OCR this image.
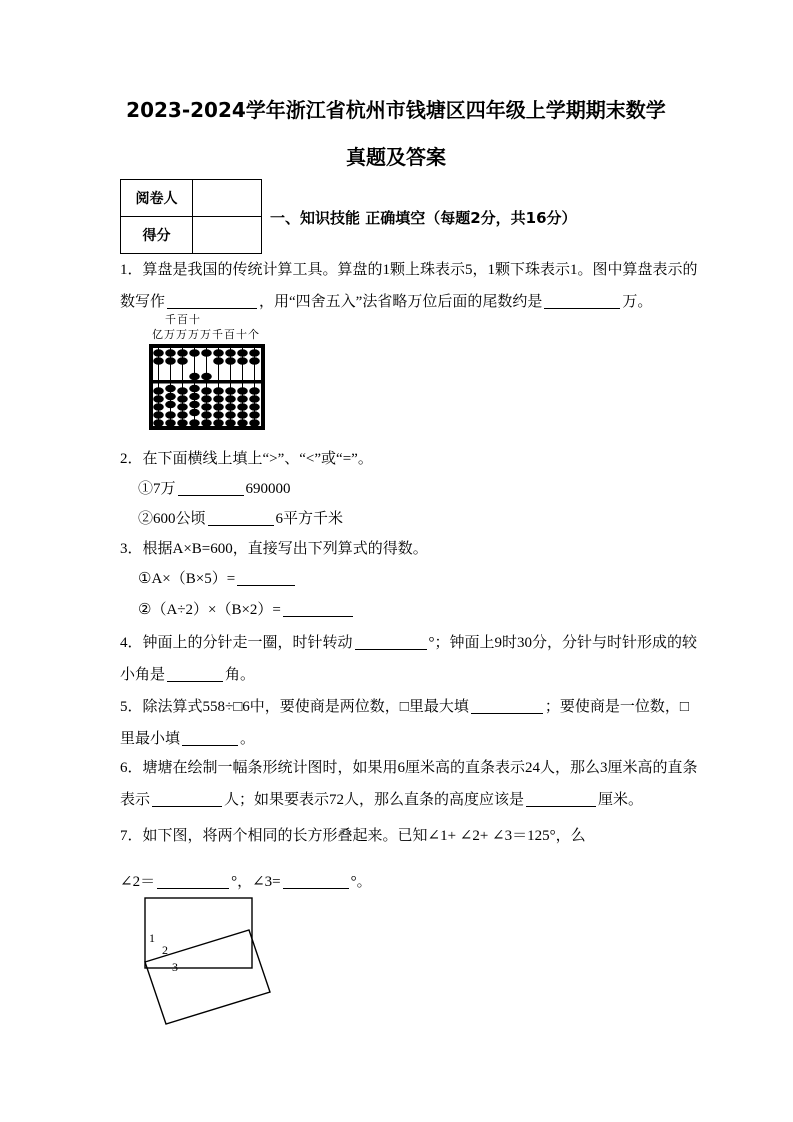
2023-2024学年浙江省杭州市钱塘区四年级上学期期末数学
真题及答案
阅卷人
得分
一、知识技能 正确填空（每题2分，共16分）
1．算盘是我国的传统计算工具。算盘的1颗上珠表示5，1颗下珠表示1。图中算盘表示的
数写作	，用“四舍五入”法省略万位后面的尾数约是	万。
千百十
亿万万万万千百十个
2．在下面横线上填上“>”、“<”或“=”。
①7万	690000
②600公顷	6平方千米
3．根据A×B=600，直接写出下列算式的得数。
①A×（B×5）=
②（A÷2）×（B×2）=
4．钟面上的分针走一圈，时针转动	°；钟面上9时30分，分针与时针形成的较
小角是	角。
5．除法算式558÷□6中，要使商是两位数，□里最大填	；要使商是一位数，□
里最小填	。
6．塘塘在绘制一幅条形统计图时，如果用6厘米高的直条表示24人，那么3厘米高的直条
表示	人；如果要表示72人，那么直条的高度应该是	厘米。
7．如下图，将两个相同的长方形叠起来。已知∠1+ ∠2+ ∠3＝125°，么
∠2＝	°，∠3=	°。
1
2
3
